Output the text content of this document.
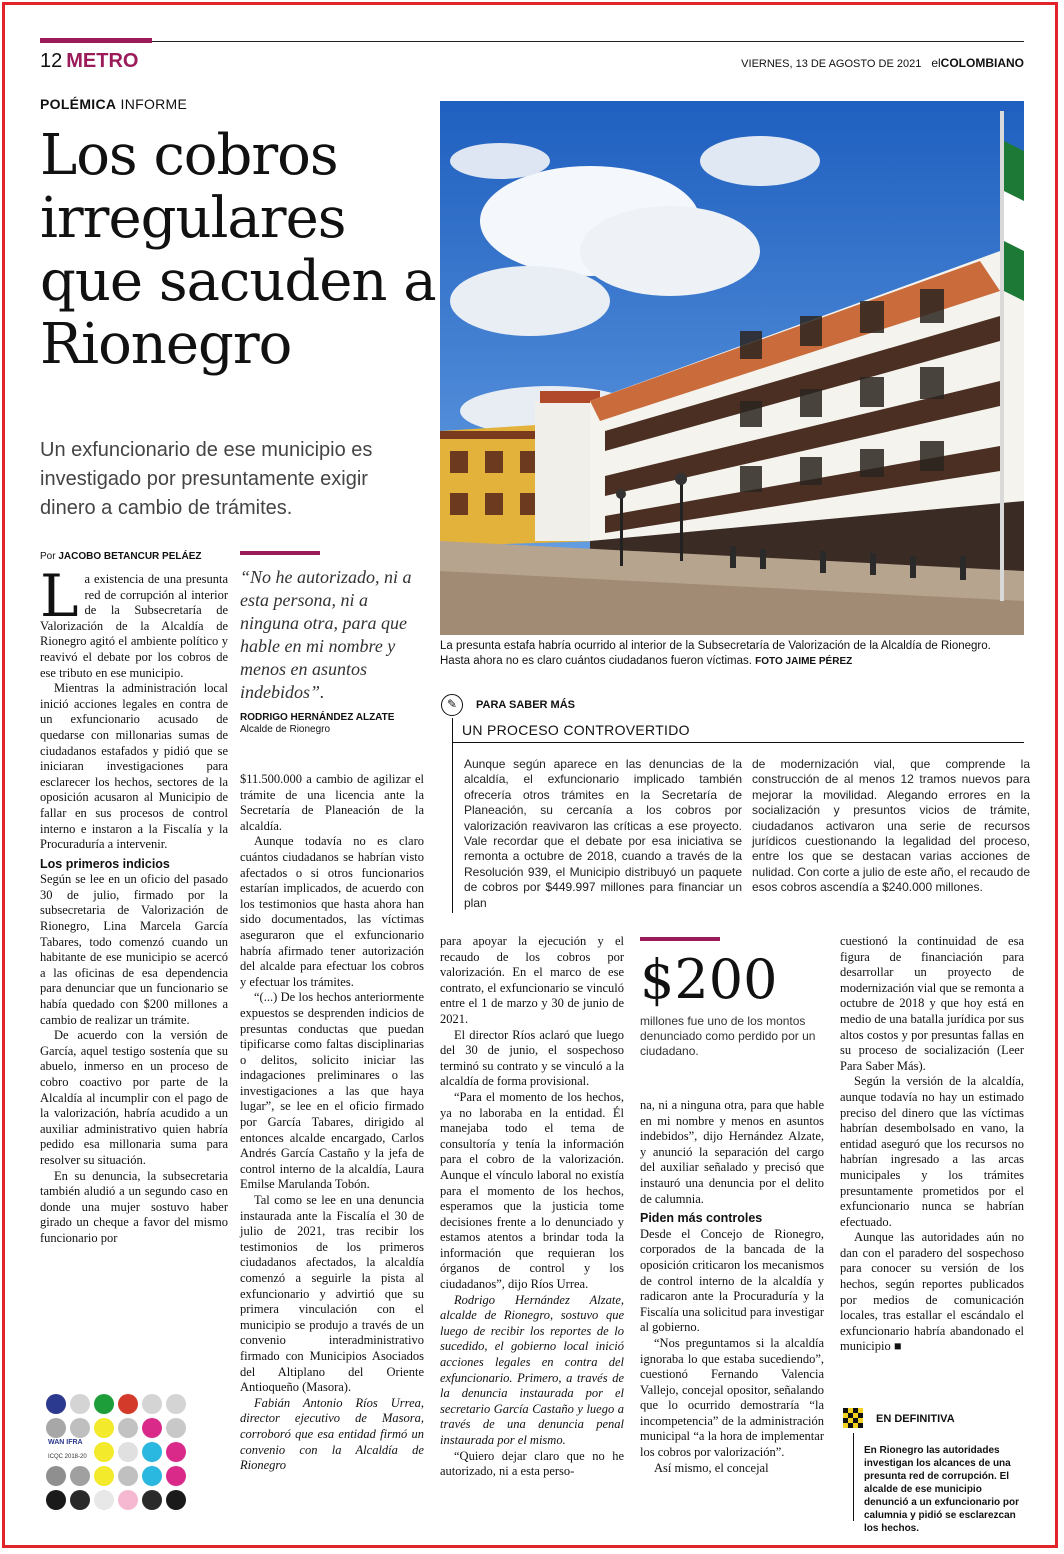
12 METRO	VIERNES, 13 DE AGOSTO DE 2021 elCOLOMBIANO
POLÉMICA INFORME
Los cobros irregulares que sacuden a Rionegro
Un exfuncionario de ese municipio es investigado por presuntamente exigir dinero a cambio de trámites.
La presunta estafa habría ocurrido al interior de la Subsecretaría de Valorización de la Alcaldía de Rionegro. Hasta ahora no es claro cuántos ciudadanos fueron víctimas. FOTO JAIME PÉREZ
Por JACOBO BETANCUR PELÁEZ

La existencia de una presunta red de corrupción al interior de la Subsecretaría de Valorización de la Alcaldía de Rionegro agitó el ambiente político y reavivó el debate por los cobros de ese tributo en ese municipio.

Mientras la administración local inició acciones legales en contra de un exfuncionario acusado de quedarse con millonarias sumas de ciudadanos estafados y pidió que se iniciaran investigaciones para esclarecer los hechos, sectores de la oposición acusaron al Municipio de fallar en sus procesos de control interno e instaron a la Fiscalía y la Procuraduría a intervenir.

Los primeros indicios

Según se lee en un oficio del pasado 30 de julio, firmado por la subsecretaria de Valorización de Rionegro, Lina Marcela García Tabares, todo comenzó cuando un habitante de ese municipio se acercó a las oficinas de esa dependencia para denunciar que un funcionario se había quedado con $200 millones a cambio de realizar un trámite.

De acuerdo con la versión de García, aquel testigo sostenía que su abuelo, inmerso en un proceso de cobro coactivo por parte de la Alcaldía al incumplir con el pago de la valorización, habría acudido a un auxiliar administrativo quien habría pedido esa millonaria suma para resolver su situación.

En su denuncia, la subsecretaria también aludió a un segundo caso en donde una mujer sostuvo haber girado un cheque a favor del mismo funcionario por

“No he autorizado, ni a esta persona, ni a ninguna otra, para que hable en mi nombre y menos en asuntos indebidos”.
RODRIGO HERNÁNDEZ ALZATE
Alcalde de Rionegro

$11.500.000 a cambio de agilizar el trámite de una licencia ante la Secretaría de Planeación de la alcaldía.

Aunque todavía no es claro cuántos ciudadanos se habrían visto afectados o si otros funcionarios estarían implicados, de acuerdo con los testimonios que hasta ahora han sido documentados, las víctimas aseguraron que el exfuncionario habría afirmado tener autorización del alcalde para efectuar los cobros y efectuar los trámites.

“(...) De los hechos anteriormente expuestos se desprenden indicios de presuntas conductas que puedan tipificarse como faltas disciplinarias o delitos, solicito iniciar las indagaciones preliminares o las investigaciones a las que haya lugar”, se lee en el oficio firmado por García Tabares, dirigido al entonces alcalde encargado, Carlos Andrés García Castaño y la jefa de control interno de la alcaldía, Laura Emilse Marulanda Tobón.

Tal como se lee en una denuncia instaurada ante la Fiscalía el 30 de julio de 2021, tras recibir los testimonios de los primeros ciudadanos afectados, la alcaldía comenzó a seguirle la pista al exfuncionario y advirtió que su primera vinculación con el municipio se produjo a través de un convenio interadministrativo firmado con Municipios Asociados del Altiplano del Oriente Antioqueño (Masora).

Fabián Antonio Ríos Urrea, director ejecutivo de Masora, corroboró que esa entidad firmó un convenio con la Alcaldía de Rionegro

✎	PARA SABER MÁS
UN PROCESO CONTROVERTIDO
Aunque según aparece en las denuncias de la alcaldía, el exfuncionario implicado también ofrecería otros trámites en la Secretaría de Planeación, su cercanía a los cobros por valorización reavivaron las críticas a ese proyecto. Vale recordar que el debate por esa iniciativa se remonta a octubre de 2018, cuando a través de la Resolución 939, el Municipio distribuyó un paquete de cobros por $449.997 millones para financiar un plan
de modernización vial, que comprende la construcción de al menos 12 tramos nuevos para mejorar la movilidad. Alegando errores en la socialización y presuntos vicios de trámite, ciudadanos activaron una serie de recursos jurídicos cuestionando la legalidad del proceso, entre los que se destacan varias acciones de nulidad. Con corte a julio de este año, el recaudo de esos cobros ascendía a $240.000 millones.

para apoyar la ejecución y el recaudo de los cobros por valorización. En el marco de ese contrato, el exfuncionario se vinculó entre el 1 de marzo y 30 de junio de 2021.

El director Ríos aclaró que luego del 30 de junio, el sospechoso terminó su contrato y se vinculó a la alcaldía de forma provisional.

“Para el momento de los hechos, ya no laboraba en la entidad. Él manejaba todo el tema de consultoría y tenía la información para el cobro de la valorización. Aunque el vínculo laboral no existía para el momento de los hechos, esperamos que la justicia tome decisiones frente a lo denunciado y estamos atentos a brindar toda la información que requieran los órganos de control y los ciudadanos”, dijo Ríos Urrea.

Rodrigo Hernández Alzate, alcalde de Rionegro, sostuvo que luego de recibir los reportes de lo sucedido, el gobierno local inició acciones legales en contra del exfuncionario. Primero, a través de la denuncia instaurada por el secretario García Castaño y luego a través de una denuncia penal instaurada por el mismo.

“Quiero dejar claro que no he autorizado, ni a esta perso-

$200
millones fue uno de los montos denunciado como perdido por un ciudadano.

na, ni a ninguna otra, para que hable en mi nombre y menos en asuntos indebidos”, dijo Hernández Alzate, y anunció la separación del cargo del auxiliar señalado y precisó que instauró una denuncia por el delito de calumnia.

Piden más controles

Desde el Concejo de Rionegro, corporados de la bancada de la oposición criticaron los mecanismos de control interno de la alcaldía y radicaron ante la Procuraduría y la Fiscalía una solicitud para investigar al gobierno.

“Nos preguntamos si la alcaldía ignoraba lo que estaba sucediendo”, cuestionó Fernando Valencia Vallejo, concejal opositor, señalando que lo ocurrido demostraría “la incompetencia” de la administración municipal “a la hora de implementar los cobros por valorización”.

Así mismo, el concejal

cuestionó la continuidad de esa figura de financiación para desarrollar un proyecto de modernización vial que se remonta a octubre de 2018 y que hoy está en medio de una batalla jurídica por sus altos costos y por presuntas fallas en su proceso de socialización (Leer Para Saber Más).

Según la versión de la alcaldía, aunque todavía no hay un estimado preciso del dinero que las víctimas habrían desembolsado en vano, la entidad aseguró que los recursos no habrían ingresado a las arcas municipales y los trámites presuntamente prometidos por el exfuncionario nunca se habrían efectuado.

Aunque las autoridades aún no dan con el paradero del sospechoso para conocer su versión de los hechos, según reportes publicados por medios de comunicación locales, tras estallar el escándalo el exfuncionario habría abandonado el municipio ■

EN DEFINITIVA
En Rionegro las autoridades investigan los alcances de una presunta red de corrupción. El alcalde de ese municipio denunció a un exfuncionario por calumnia y pidió se esclarezcan los hechos.
WAN IFRA
ICQC 2018-20
